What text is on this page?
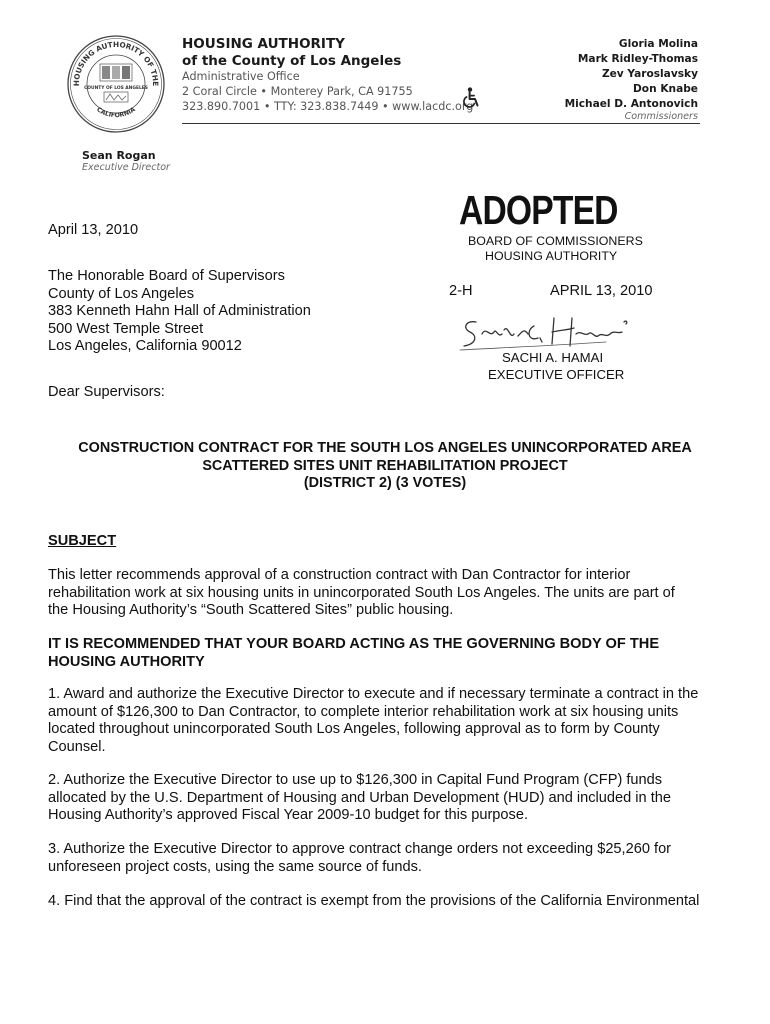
HOUSING AUTHORITY OF THE
COUNTY OF LOS ANGELES
CALIFORNIA
HOUSING AUTHORITY
of the County of Los Angeles
Administrative Office
2 Coral Circle • Monterey Park, CA 91755
323.890.7001 • TTY: 323.838.7449 • www.lacdc.org
Gloria Molina
Mark Ridley-Thomas
Zev Yaroslavsky
Don Knabe
Michael D. Antonovich
Commissioners
Sean Rogan
Executive Director
ADOPTED
BOARD OF COMMISSIONERS
HOUSING AUTHORITY
2-H	APRIL 13, 2010
SACHI A. HAMAI
EXECUTIVE OFFICER
April 13, 2010
The Honorable Board of Supervisors
County of Los Angeles
383 Kenneth Hahn Hall of Administration
500 West Temple Street
Los Angeles, California 90012
Dear Supervisors:
CONSTRUCTION CONTRACT FOR THE SOUTH LOS ANGELES UNINCORPORATED AREA
SCATTERED SITES UNIT REHABILITATION PROJECT
(DISTRICT 2) (3 VOTES)
SUBJECT
This letter recommends approval of a construction contract with Dan Contractor for interior
rehabilitation work at six housing units in unincorporated South Los Angeles. The units are part of
the Housing Authority’s “South Scattered Sites” public housing.
IT IS RECOMMENDED THAT YOUR BOARD ACTING AS THE GOVERNING BODY OF THE
HOUSING AUTHORITY
1. Award and authorize the Executive Director to execute and if necessary terminate a contract in the
amount of $126,300 to Dan Contractor, to complete interior rehabilitation work at six housing units
located throughout unincorporated South Los Angeles, following approval as to form by County
Counsel.
2. Authorize the Executive Director to use up to $126,300 in Capital Fund Program (CFP) funds
allocated by the U.S. Department of Housing and Urban Development (HUD) and included in the
Housing Authority’s approved Fiscal Year 2009-10 budget for this purpose.
3. Authorize the Executive Director to approve contract change orders not exceeding $25,260 for
unforeseen project costs, using the same source of funds.
4. Find that the approval of the contract is exempt from the provisions of the California Environmental
